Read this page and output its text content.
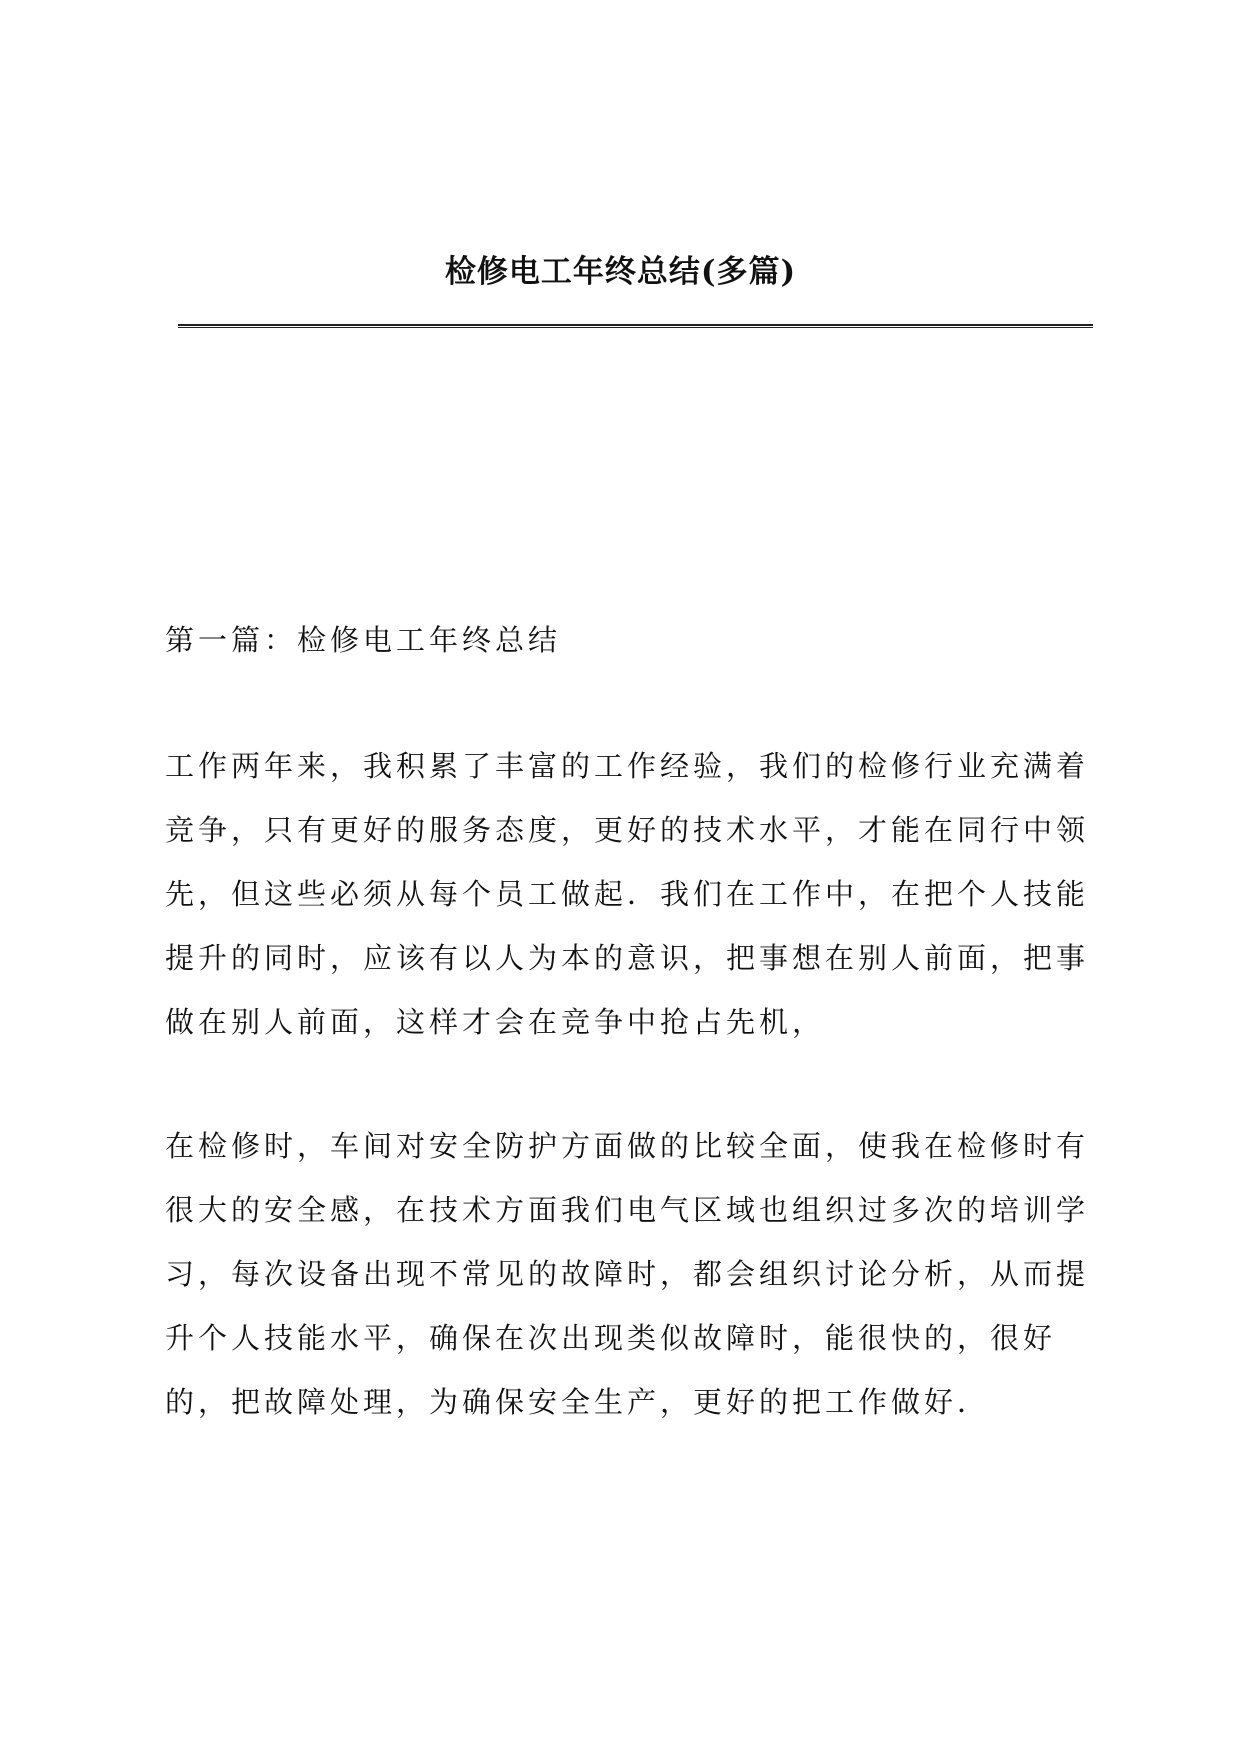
检修电工年终总结(多篇)
第一篇：检修电工年终总结

工作两年来，我积累了丰富的工作经验，我们的检修行业充满着
竞争，只有更好的服务态度，更好的技术水平，才能在同行中领
先，但这些必须从每个员工做起．我们在工作中，在把个人技能
提升的同时，应该有以人为本的意识，把事想在别人前面，把事
做在别人前面，这样才会在竞争中抢占先机，

在检修时，车间对安全防护方面做的比较全面，使我在检修时有
很大的安全感，在技术方面我们电气区域也组织过多次的培训学
习，每次设备出现不常见的故障时，都会组织讨论分析，从而提
升个人技能水平，确保在次出现类似故障时，能很快的，很好
的，把故障处理，为确保安全生产，更好的把工作做好．
